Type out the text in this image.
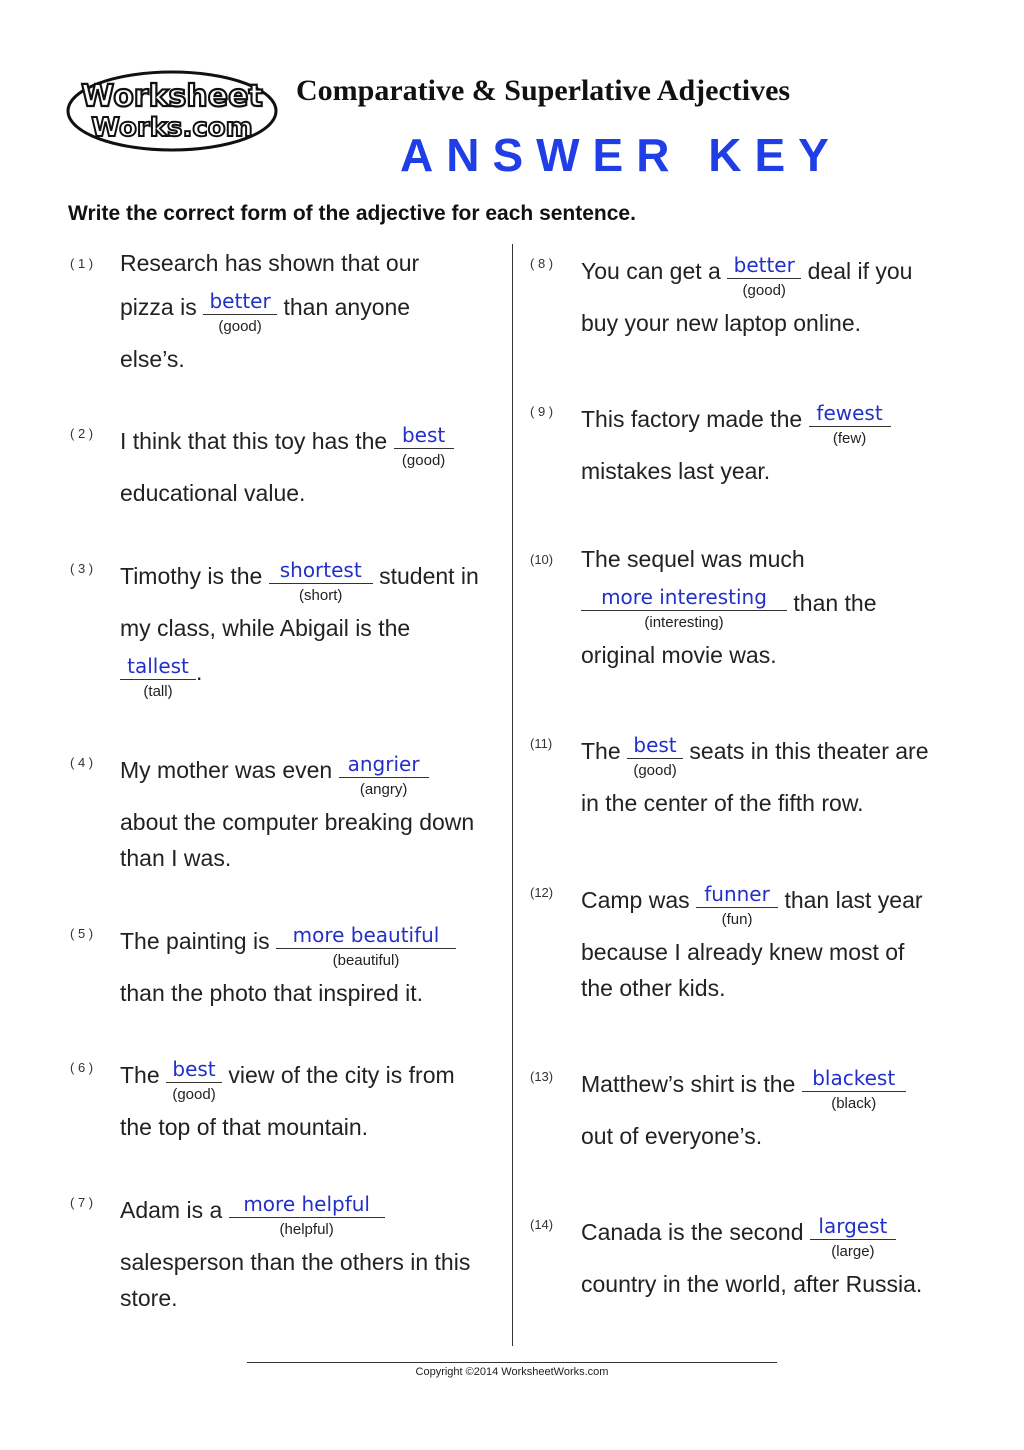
Worksheet
Works.com
Comparative & Superlative Adjectives
ANSWER KEY
Write the correct form of the adjective for each sentence.
( 1 ) Research has shown that our
pizza is better
(good)
than anyone
else’s.
( 2 ) I think that this toy has the best
(good)
educational value.
( 3 ) Timothy is the shortest
(short)
student in
my class, while Abigail is the
tallest
(tall)
.
( 4 ) My mother was even angrier
(angry)
about the computer breaking down
than I was.
( 5 ) The painting is	more beautiful
(beautiful)
than the photo that inspired it.
( 6 ) The best
(good)
view of the city is from
the top of that mountain.
( 7 ) Adam is a	more helpful
(helpful)
salesperson than the others in this
store.
( 8 ) You can get a better
(good)
deal if you
buy your new laptop online.
( 9 ) This factory made the fewest
(few)
mistakes last year.
(10) The sequel was much
more interesting
(interesting)
than the
original movie was.
(11) The best
(good)
seats in this theater are
in the center of the fifth row.
(12) Camp was funner
(fun)
than last year
because I already knew most of
the other kids.
(13) Matthew’s shirt is the blackest
(black)
out of everyone’s.
(14) Canada is the second largest
(large)
country in the world, after Russia.
Copyright ©2014 WorksheetWorks.com
